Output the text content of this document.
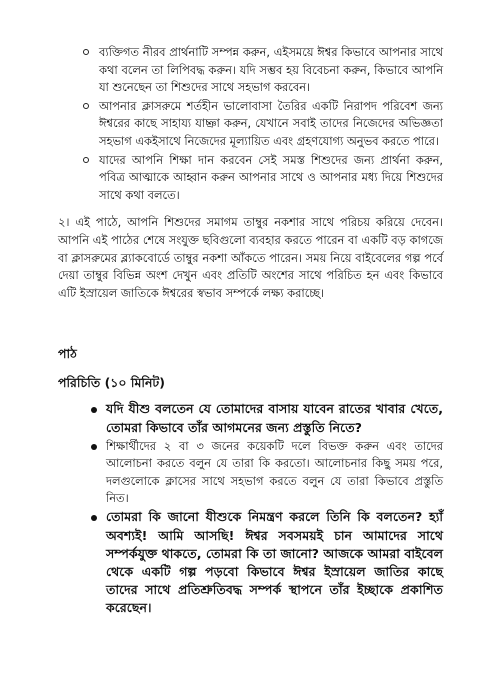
ব্যক্তিগত নীরব প্রার্থনাটি সম্পন্ন করুন, এইসময়ে ঈশ্বর কিভাবে আপনার সাথে কথা বলেন তা লিপিবদ্ধ করুন। যদি সম্ভব হয় বিবেচনা করুন, কিভাবে আপনি যা শুনেছেন তা শিশুদের সাথে সহভাগ করবেন।
আপনার ক্লাসরুমে শর্তহীন ভালোবাসা তৈরির একটি নিরাপদ পরিবেশ জন্য ঈশ্বরের কাছে সাহায্য যাচ্ঞা করুন, যেখানে সবাই তাদের নিজেদের অভিজ্ঞতা সহভাগ একইসাথে নিজেদের মূল্যায়িত এবং গ্রহণযোগ্য অনুভব করতে পারে।
যাদের আপনি শিক্ষা দান করবেন সেই সমস্ত শিশুদের জন্য প্রার্থনা করুন, পবিত্র আত্মাকে আহ্বান করুন আপনার সাথে ও আপনার মধ্য দিয়ে শিশুদের সাথে কথা বলতে।

২। এই পাঠে, আপনি শিশুদের সমাগম তাম্বুর নকশার সাথে পরিচয় করিয়ে দেবেন। আপনি এই পাঠের শেষে সংযুক্ত ছবিগুলো ব্যবহার করতে পারেন বা একটি বড় কাগজে বা ক্লাসরুমের ব্ল্যাকবোর্ডে তাম্বুর নকশা আঁকতে পারেন। সময় নিয়ে বাইবেলের গল্প পর্বে দেয়া তাম্বুর বিভিন্ন অংশ দেখুন এবং প্রতিটি অংশের সাথে পরিচিত হন এবং কিভাবে এটি ইস্রায়েল জাতিকে ঈশ্বরের স্বভাব সম্পর্কে লক্ষ্য করাচ্ছে।

পাঠ

পরিচিতি (১০ মিনিট)

যদি যীশু বলতেন যে তোমাদের বাসায় যাবেন রাতের খাবার খেতে, তোমরা কিভাবে তাঁর আগমনের জন্য প্রস্তুতি নিতে?
শিক্ষার্থীদের ২ বা ৩ জনের কয়েকটি দলে বিভক্ত করুন এবং তাদের আলোচনা করতে বলুন যে তারা কি করতো। আলোচনার কিছু সময় পরে, দলগুলোকে ক্লাসের সাথে সহভাগ করতে বলুন যে তারা কিভাবে প্রস্তুতি নিত।
তোমরা কি জানো যীশুকে নিমন্ত্রণ করলে তিনি কি বলতেন? হ্যাঁ অবশ্যই! আমি আসছি! ঈশ্বর সবসময়ই চান আমাদের সাথে সম্পর্কযুক্ত থাকতে, তোমরা কি তা জানো? আজকে আমরা বাইবেল থেকে একটি গল্প পড়বো কিভাবে ঈশ্বর ইস্রায়েল জাতির কাছে তাদের সাথে প্রতিশ্রুতিবদ্ধ সম্পর্ক স্থাপনে তাঁর ইচ্ছাকে প্রকাশিত করেছেন।
